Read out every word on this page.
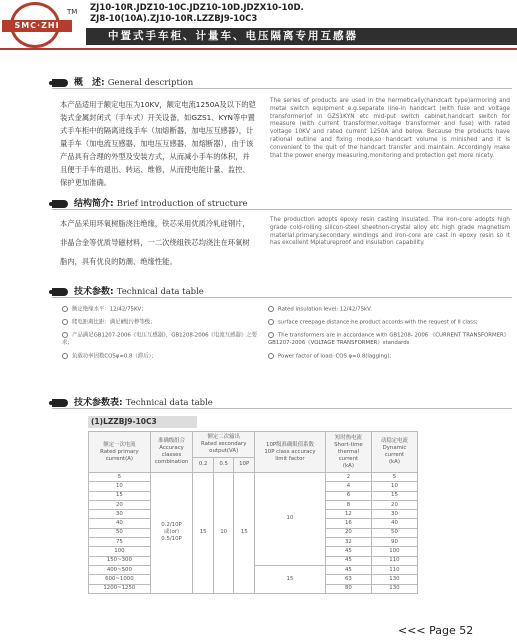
SMC·ZHI
TM ZJ10-10R.JDZ10-10C.JDZ10-10D.JDZX10-10D.
ZJ8-10(10A).ZJ10-10R.LZZBJ9-10C3
中置式手车柜、计量车、电压隔离专用互感器
概　述: General description
本产品适用于额定电压为10KV，额定电流1250A及以下的铠装式金属封闭式（手车式）开关设备，如GZS1、KYN等中置式手车柜中的隔离进线手车（加熔断器、加电压互感器），计量手车（加电流互感器、加电压互感器、加熔断器），由于该产品具有合理的外型及安装方式，从而减小手车的体积，并且便于手车的退出、转运、维修，从而使电能计量、监控、保护更加准确。
The series of products are used in the hermetically(handcart type)armoring and metal switch equipment e.g.separate line-in handcart (with fuse and voltage transformer)of in GZS1KYN etc mid-put switch cabinet,handcart switch for measure (with current transformer,voltage transformer and fuse) with rated voltage 10KV and rated current 1250A and below. Because the products have rational outline and fixing mode,so handcart volume is minished and it is convenient to the quit of the handcart transfer and maintain. Accordingly make that the power energy measuring,monitoring and protection get more nicety.
结构简介: Brief introduction of structure
本产品采用环氧树脂浇注绝缘，铁芯采用优质冷轧硅钢片，非晶合金等优质导磁材料，一二次绕组铁芯均浇注在环氧树脂内，具有优良的防潮、绝缘性能。
The production adopts epoxy resin casting insulated. The iron-core adopts high grade cold-rolling silicon-steel sheetnon-crystal alloy etc high grade magnetism material.primary.secondary windings and iron-core are cast in epoxy resin so it has excellent Mpiatureproof and insulation capability.
技术参数: Technical data table
额定绝缘水平：12/42/75KV；
爬电距离比距：满足Ⅱ级污秽等级；
产品满足GB1207-2006《电压互感器》，GB1208-2006《电流互感器》之要求；
负载功率因数COSφ=0.8（滞后）；
Rated insulation level: 12/42/75kV.
surface creepage distance:he product accords with the request of II class;
The transformers are in accordance with GB1208- 2006 《CURRENT TRANSFORMER》GB1207-2006《VOLTAGE TRANSFORMER》standards
Power factor of load: COS φ=0.8(lagging);
技术参数表: Technical data table
(1)LZZBJ9-10C3
额定一次电流
Rated primary
current(A)	准确级组合
Accuracy
classes
combination	额定二次输出
Rated secondary
output(VA)			10P级准确限值系数
10P class accuracy
limit factor	短时热电流
Short-time
thermal
current
(kA)	动稳定电流
Dynamic
current
(kA)
		0.2	0.5	10P			
5	0.2/10P
或(or)
0.5/10P	15	10	15	10	2	5
10						4	10
15						6	15
20						8	20
30						12	30
40						16	40
50						20	50
75						32	90
100						45	100
150~300						45	110
400~500					15	45	110
600~1000						63	130
1200~1250						80	130
<<< Page 52
